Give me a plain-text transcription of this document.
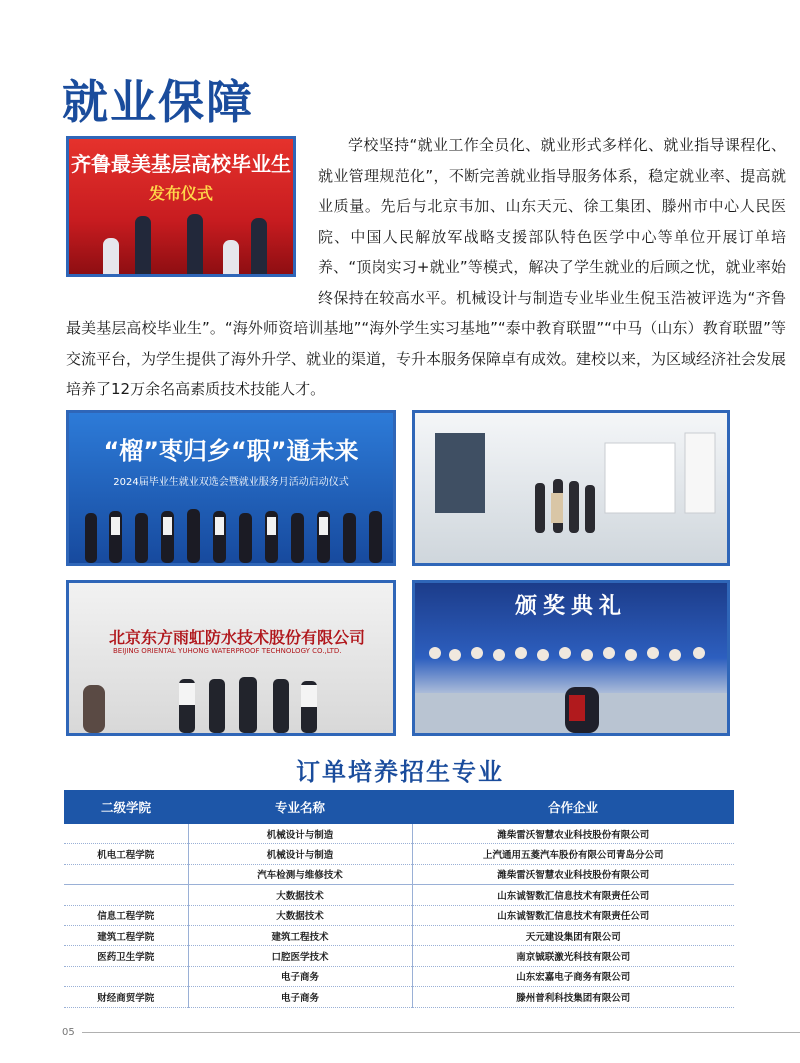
就业保障
齐鲁最美基层高校毕业生
发布仪式

学校坚持“就业工作全员化、就业形式多样化、就业指导课程化、就业管理规范化”，不断完善就业指导服务体系，稳定就业率、提高就业质量。先后与北京韦加、山东天元、徐工集团、滕州市中心人民医院、中国人民解放军战略支援部队特色医学中心等单位开展订单培养、“顶岗实习+就业”等模式，解决了学生就业的后顾之忧，就业率始终保持在较高水平。机械设计与制造专业毕业生倪玉浩被评选为“齐鲁最美基层高校毕业生”。“海外师资培训基地”“海外学生实习基地”“泰中教育联盟”“中马（山东）教育联盟”等交流平台，为学生提供了海外升学、就业的渠道，专升本服务保障卓有成效。建校以来，为区域经济社会发展培养了12万余名高素质技术技能人才。

“榴”枣归乡“职”通未来
2024届毕业生就业双选会暨就业服务月活动启动仪式
北京东方雨虹防水技术股份有限公司
BEIJING ORIENTAL YUHONG WATERPROOF TECHNOLOGY CO.,LTD.
颁奖典礼
订单培养招生专业
二级学院	专业名称	合作企业
	机械设计与制造	潍柴雷沃智慧农业科技股份有限公司
机电工程学院	机械设计与制造	上汽通用五菱汽车股份有限公司青岛分公司
	汽车检测与维修技术	潍柴雷沃智慧农业科技股份有限公司
	大数据技术	山东诚智数汇信息技术有限责任公司
信息工程学院	大数据技术	山东诚智数汇信息技术有限责任公司
建筑工程学院	建筑工程技术	天元建设集团有限公司
医药卫生学院	口腔医学技术	南京铖联激光科技有限公司
	电子商务	山东宏嘉电子商务有限公司
财经商贸学院	电子商务	滕州普利科技集团有限公司
05
